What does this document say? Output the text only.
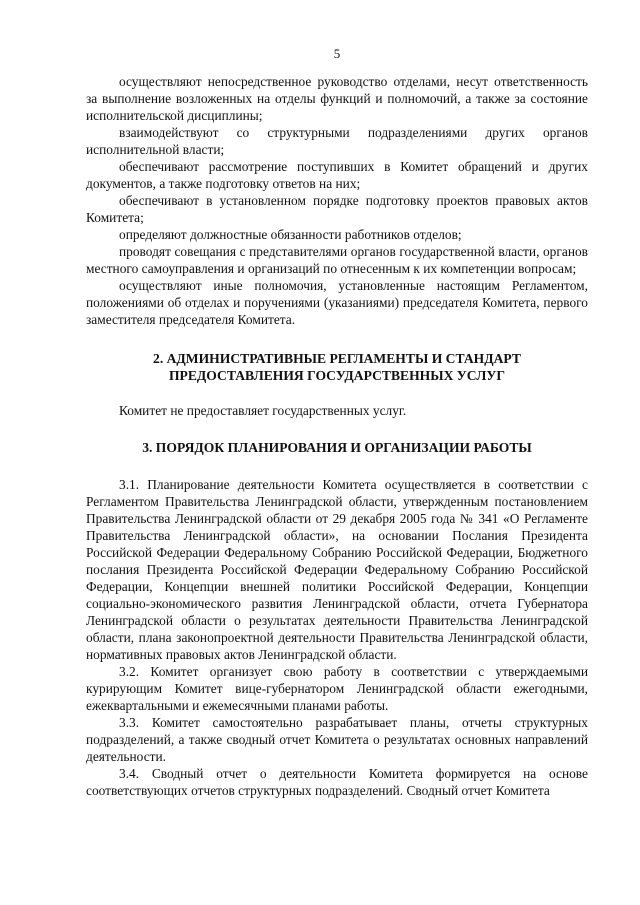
5

осуществляют непосредственное руководство отделами, несут ответственность за выполнение возложенных на отделы функций и полномочий, а также за состояние исполнительской дисциплины;

взаимодействуют со структурными подразделениями других органов исполнительной власти;

обеспечивают рассмотрение поступивших в Комитет обращений и других документов, а также подготовку ответов на них;

обеспечивают в установленном порядке подготовку проектов правовых актов Комитета;

определяют должностные обязанности работников отделов;

проводят совещания с представителями органов государственной власти, органов местного самоуправления и организаций по отнесенным к их компетенции вопросам;

осуществляют иные полномочия, установленные настоящим Регламентом, положениями об отделах и поручениями (указаниями) председателя Комитета, первого заместителя председателя Комитета.

2. АДМИНИСТРАТИВНЫЕ РЕГЛАМЕНТЫ И СТАНДАРТ
ПРЕДОСТАВЛЕНИЯ ГОСУДАРСТВЕННЫХ УСЛУГ

Комитет не предоставляет государственных услуг.

3. ПОРЯДОК ПЛАНИРОВАНИЯ И ОРГАНИЗАЦИИ РАБОТЫ

3.1. Планирование деятельности Комитета осуществляется в соответствии с Регламентом Правительства Ленинградской области, утвержденным постановлением Правительства Ленинградской области от 29 декабря 2005 года № 341 «О Регламенте Правительства Ленинградской области», на основании Послания Президента Российской Федерации Федеральному Собранию Российской Федерации, Бюджетного послания Президента Российской Федерации Федеральному Собранию Российской Федерации, Концепции внешней политики Российской Федерации, Концепции социально-экономического развития Ленинградской области, отчета Губернатора Ленинградской области о результатах деятельности Правительства Ленинградской области, плана законопроектной деятельности Правительства Ленинградской области, нормативных правовых актов Ленинградской области.

3.2. Комитет организует свою работу в соответствии с утверждаемыми курирующим Комитет вице-губернатором Ленинградской области ежегодными, ежеквартальными и ежемесячными планами работы.

3.3. Комитет самостоятельно разрабатывает планы, отчеты структурных подразделений, а также сводный отчет Комитета о результатах основных направлений деятельности.

3.4. Сводный отчет о деятельности Комитета формируется на основе соответствующих отчетов структурных подразделений. Сводный отчет Комитета
